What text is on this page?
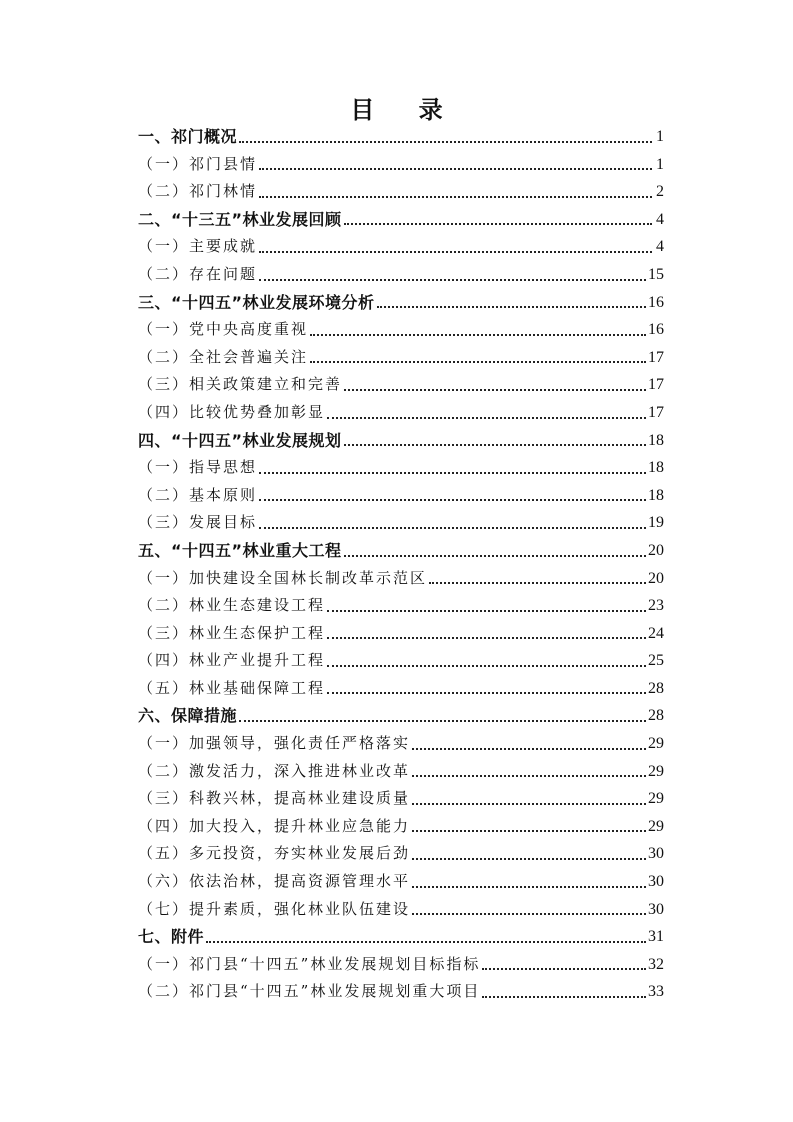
目 录
一、祁门概况	1
（一）祁门县情	1
（二）祁门林情	2
二、“十三五”林业发展回顾	4
（一）主要成就	4
（二）存在问题	15
三、“十四五”林业发展环境分析	16
（一）党中央高度重视	16
（二）全社会普遍关注	17
（三）相关政策建立和完善	17
（四）比较优势叠加彰显	17
四、“十四五”林业发展规划	18
（一）指导思想	18
（二）基本原则	18
（三）发展目标	19
五、“十四五”林业重大工程	20
（一）加快建设全国林长制改革示范区	20
（二）林业生态建设工程	23
（三）林业生态保护工程	24
（四）林业产业提升工程	25
（五）林业基础保障工程	28
六、保障措施	28
（一）加强领导，强化责任严格落实	29
（二）激发活力，深入推进林业改革	29
（三）科教兴林，提高林业建设质量	29
（四）加大投入，提升林业应急能力	29
（五）多元投资，夯实林业发展后劲	30
（六）依法治林，提高资源管理水平	30
（七）提升素质，强化林业队伍建设	30
七、附件	31
（一）祁门县“十四五”林业发展规划目标指标	32
（二）祁门县“十四五”林业发展规划重大项目	33
